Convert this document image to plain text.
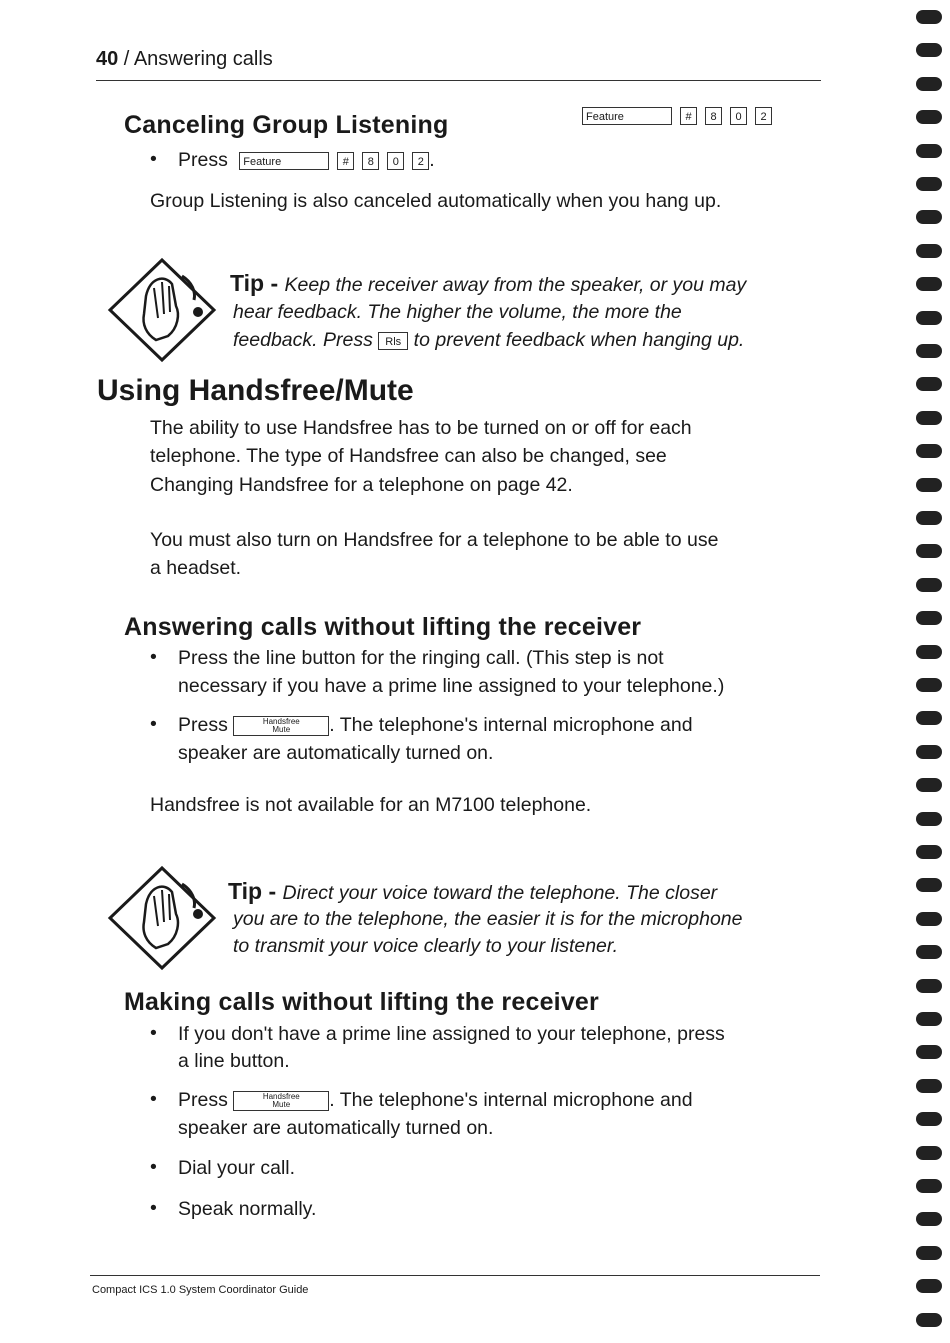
40 / Answering calls
Canceling Group Listening	Feature	# 8 0 2
• Press Feature	# 8 0 2 .
Group Listening is also canceled automatically when you hang up.
Tip - Keep the receiver away from the speaker, or you may
hear feedback. The higher the volume, the more the
feedback. Press Rls to prevent feedback when hanging up.
Using Handsfree/Mute
The ability to use Handsfree has to be turned on or off for each
telephone. The type of Handsfree can also be changed, see
Changing Handsfree for a telephone on page 42.
You must also turn on Handsfree for a telephone to be able to use
a headset.
Answering calls without lifting the receiver
• Press the line button for the ringing call. (This step is not
necessary if you have a prime line assigned to your telephone.)
• Press	Handsfree
Mute	. The telephone's internal microphone and
speaker are automatically turned on.
Handsfree is not available for an M7100 telephone.
Tip - Direct your voice toward the telephone. The closer
you are to the telephone, the easier it is for the microphone
to transmit your voice clearly to your listener.
Making calls without lifting the receiver
• If you don't have a prime line assigned to your telephone, press
a line button.
• Press	Handsfree
Mute	. The telephone's internal microphone and
speaker are automatically turned on.
• Dial your call.
• Speak normally.
Compact ICS 1.0 System Coordinator Guide
